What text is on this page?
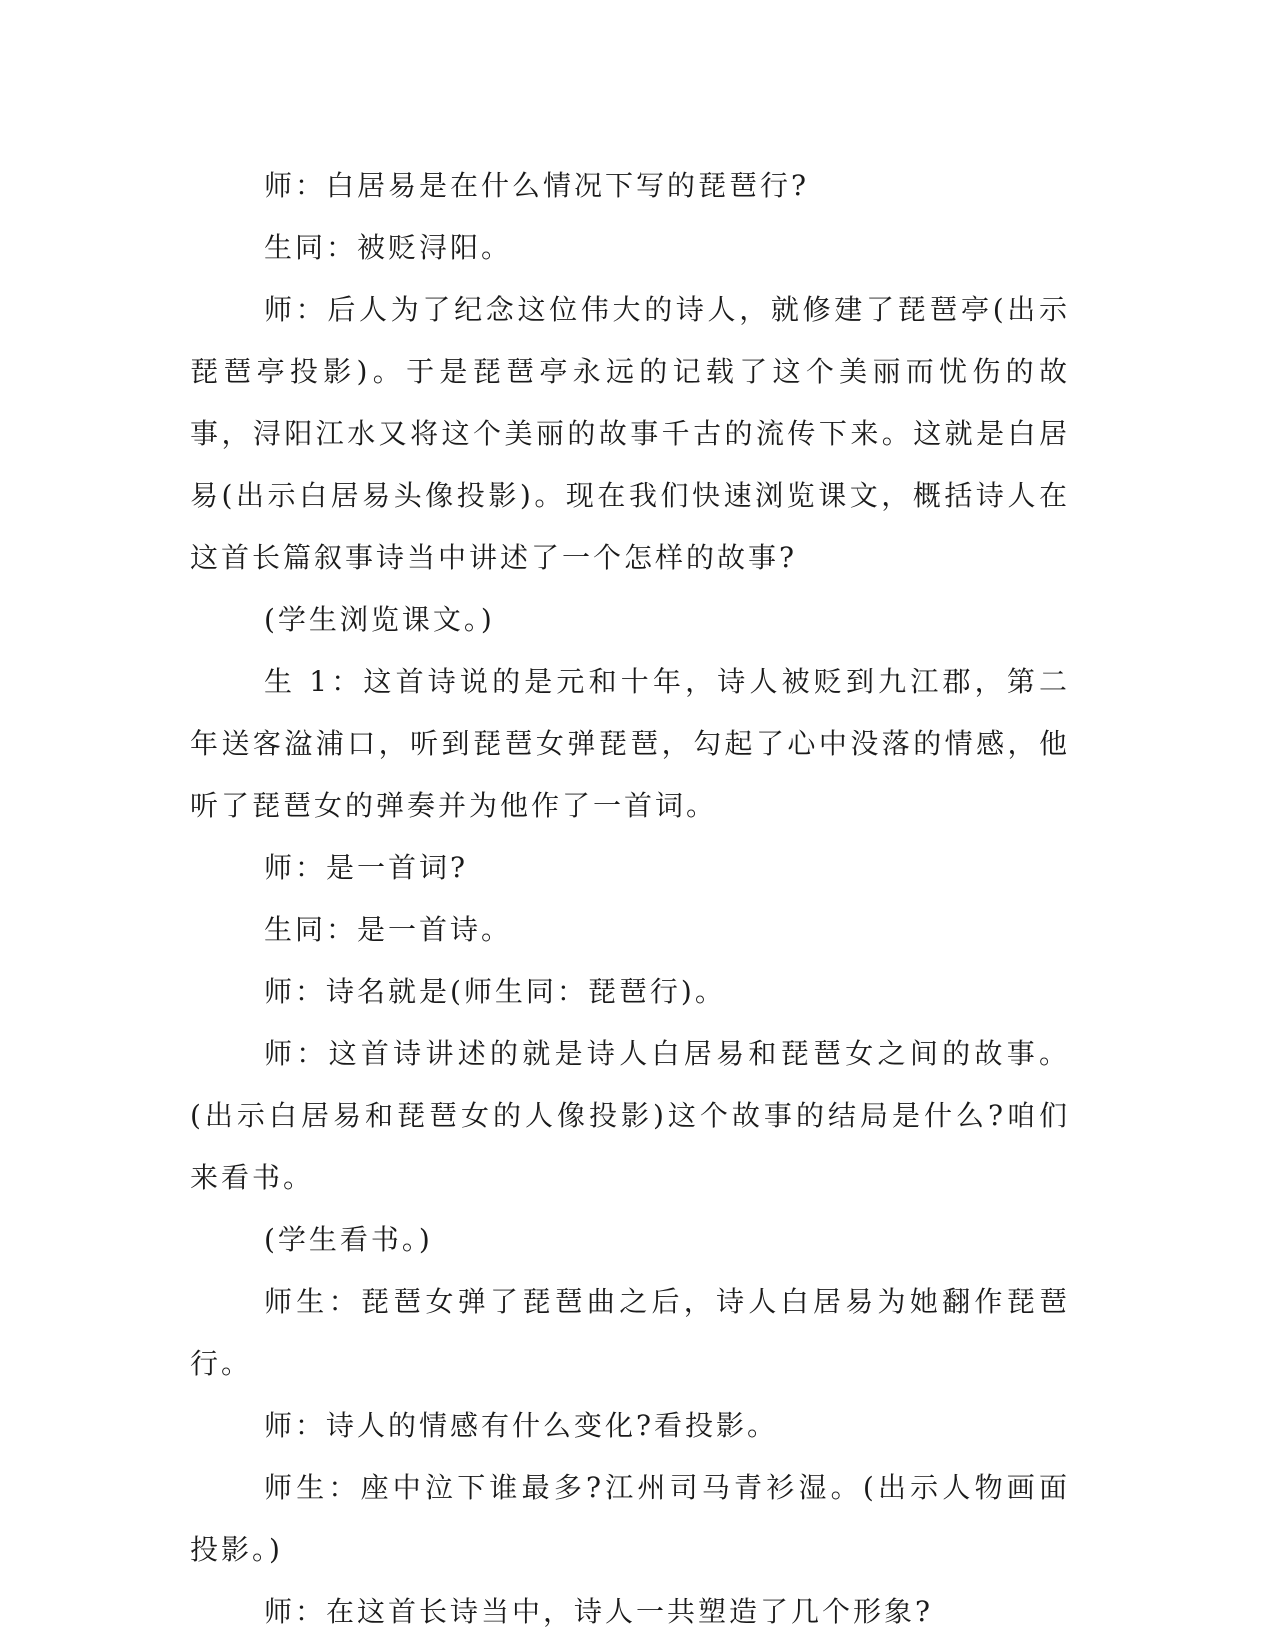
师：白居易是在什么情况下写的琵琶行?

生同：被贬浔阳。

师：后人为了纪念这位伟大的诗人，就修建了琵琶亭(出示琵琶亭投影)。于是琵琶亭永远的记载了这个美丽而忧伤的故事，浔阳江水又将这个美丽的故事千古的流传下来。这就是白居易(出示白居易头像投影)。现在我们快速浏览课文，概括诗人在这首长篇叙事诗当中讲述了一个怎样的故事?

(学生浏览课文。)

生 1：这首诗说的是元和十年，诗人被贬到九江郡，第二年送客湓浦口，听到琵琶女弹琵琶，勾起了心中没落的情感，他听了琵琶女的弹奏并为他作了一首词。

师：是一首词?

生同：是一首诗。

师：诗名就是(师生同：琵琶行)。

师：这首诗讲述的就是诗人白居易和琵琶女之间的故事。(出示白居易和琵琶女的人像投影)这个故事的结局是什么?咱们来看书。

(学生看书。)

师生：琵琶女弹了琵琶曲之后，诗人白居易为她翻作琵琶行。

师：诗人的情感有什么变化?看投影。

师生：座中泣下谁最多?江州司马青衫湿。(出示人物画面投影。)

师：在这首长诗当中，诗人一共塑造了几个形象?
